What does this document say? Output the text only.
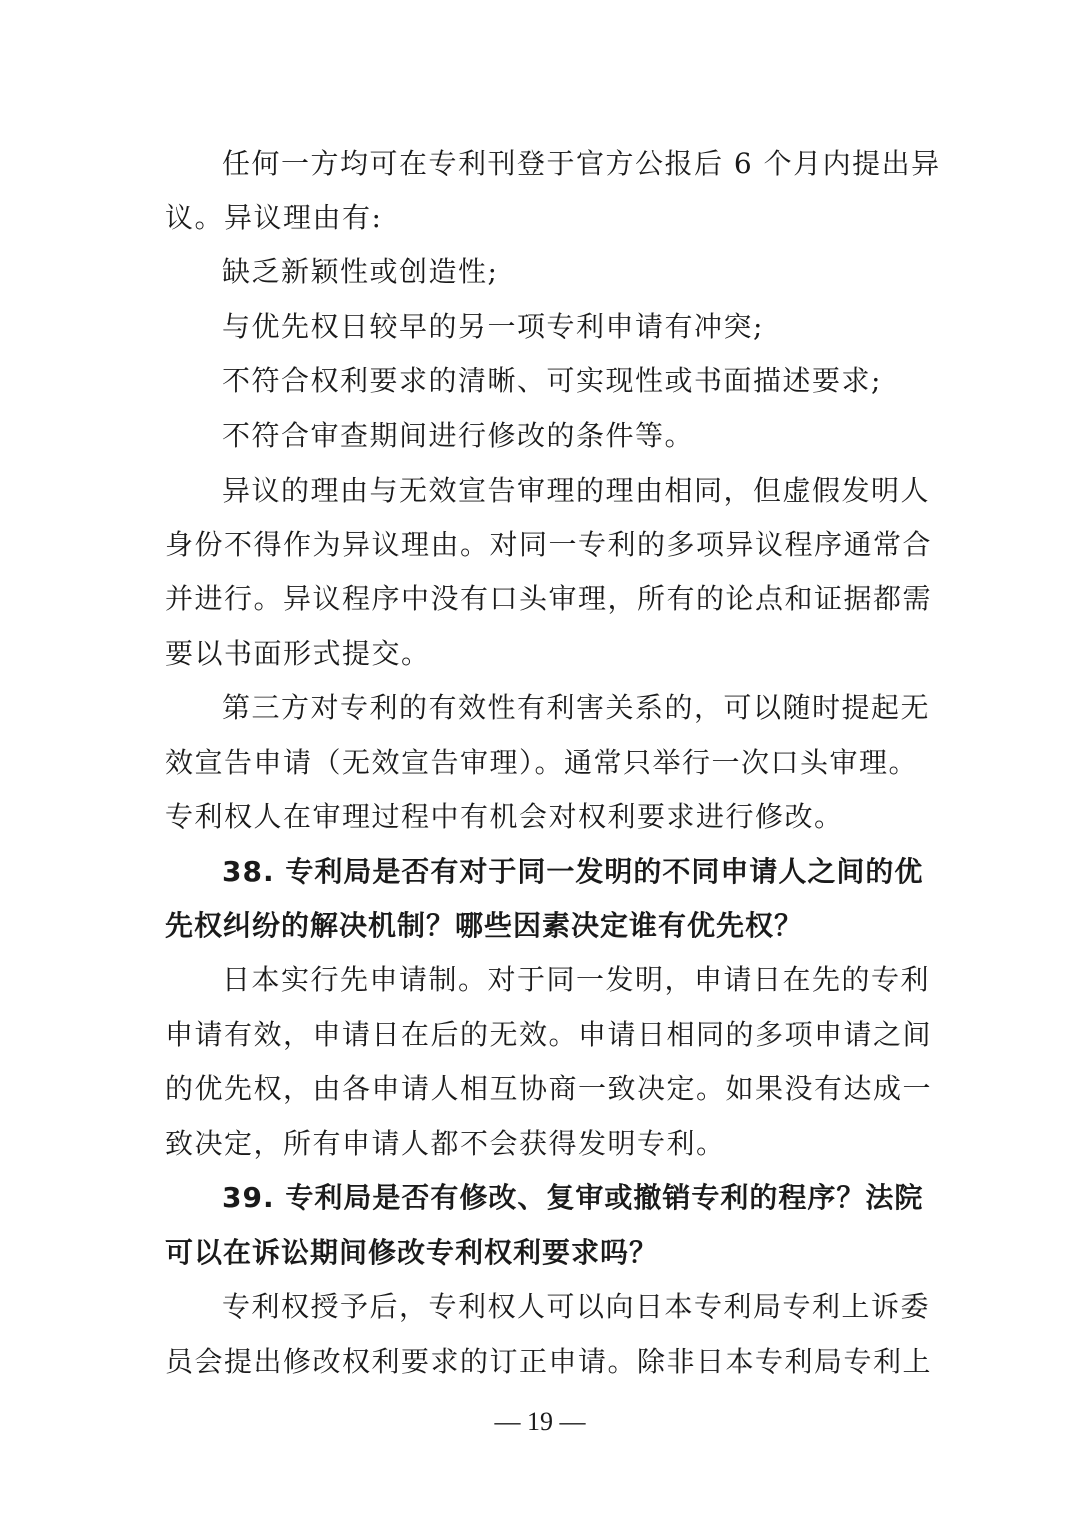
任何一方均可在专利刊登于官方公报后 6 个月内提出异
议。异议理由有:
缺乏新颖性或创造性;
与优先权日较早的另一项专利申请有冲突;
不符合权利要求的清晰、可实现性或书面描述要求;
不符合审查期间进行修改的条件等。
异议的理由与无效宣告审理的理由相同，但虚假发明人
身份不得作为异议理由。对同一专利的多项异议程序通常合
并进行。异议程序中没有口头审理，所有的论点和证据都需
要以书面形式提交。
第三方对专利的有效性有利害关系的，可以随时提起无
效宣告申请（无效宣告审理）。通常只举行一次口头审理。
专利权人在审理过程中有机会对权利要求进行修改。
38. 专利局是否有对于同一发明的不同申请人之间的优
先权纠纷的解决机制？哪些因素决定谁有优先权？
日本实行先申请制。对于同一发明，申请日在先的专利
申请有效，申请日在后的无效。申请日相同的多项申请之间
的优先权，由各申请人相互协商一致决定。如果没有达成一
致决定，所有申请人都不会获得发明专利。
39. 专利局是否有修改、复审或撤销专利的程序？法院
可以在诉讼期间修改专利权利要求吗？
专利权授予后，专利权人可以向日本专利局专利上诉委
员会提出修改权利要求的订正申请。除非日本专利局专利上
— 19 —
